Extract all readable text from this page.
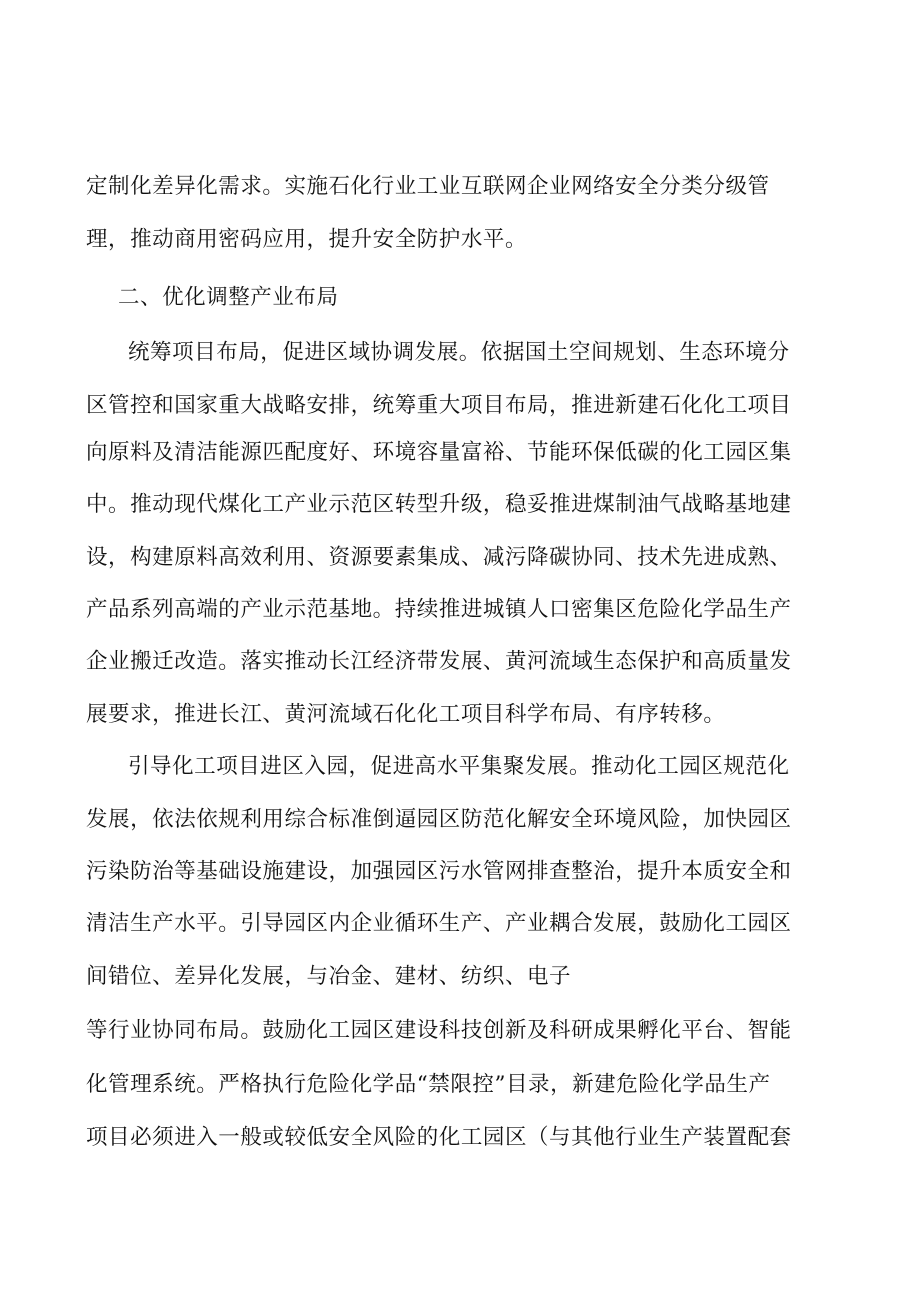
定制化差异化需求。实施石化行业工业互联网企业网络安全分类分级管
理，推动商用密码应用，提升安全防护水平。
二、优化调整产业布局
统筹项目布局，促进区域协调发展。依据国土空间规划、生态环境分
区管控和国家重大战略安排，统筹重大项目布局，推进新建石化化工项目
向原料及清洁能源匹配度好、环境容量富裕、节能环保低碳的化工园区集
中。推动现代煤化工产业示范区转型升级，稳妥推进煤制油气战略基地建
设，构建原料高效利用、资源要素集成、减污降碳协同、技术先进成熟、
产品系列高端的产业示范基地。持续推进城镇人口密集区危险化学品生产
企业搬迁改造。落实推动长江经济带发展、黄河流域生态保护和高质量发
展要求，推进长江、黄河流域石化化工项目科学布局、有序转移。
引导化工项目进区入园，促进高水平集聚发展。推动化工园区规范化
发展，依法依规利用综合标准倒逼园区防范化解安全环境风险，加快园区
污染防治等基础设施建设，加强园区污水管网排查整治，提升本质安全和
清洁生产水平。引导园区内企业循环生产、产业耦合发展，鼓励化工园区
间错位、差异化发展，与冶金、建材、纺织、电子
等行业协同布局。鼓励化工园区建设科技创新及科研成果孵化平台、智能
化管理系统。严格执行危险化学品“禁限控”目录，新建危险化学品生产
项目必须进入一般或较低安全风险的化工园区（与其他行业生产装置配套
